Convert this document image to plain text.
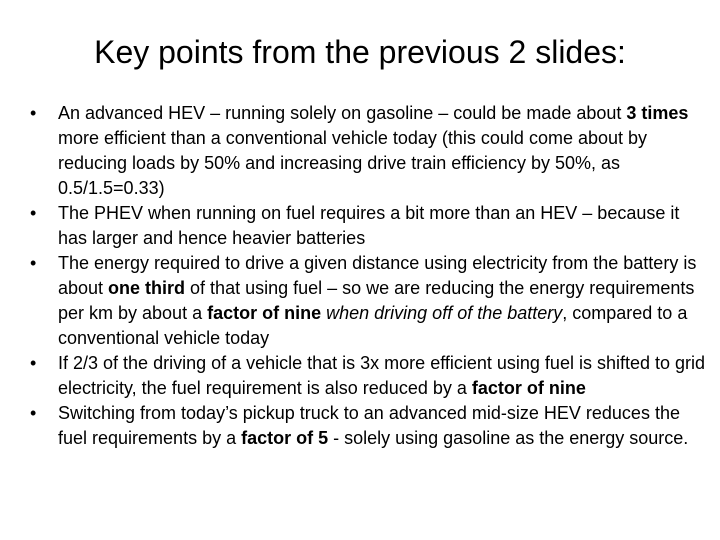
Key points from the previous 2 slides:
•	An advanced HEV – running solely on gasoline – could be made about 3 times more efficient than a conventional vehicle today (this could come about by reducing loads by 50% and increasing drive train efficiency by 50%, as 0.5/1.5=0.33)
•	The PHEV when running on fuel requires a bit more than an HEV – because it has larger and hence heavier batteries
•	The energy required to drive a given distance using electricity from the battery is about one third of that using fuel – so we are reducing the energy requirements per km by about a factor of nine when driving off of the battery, compared to a conventional vehicle today
•	If 2/3 of the driving of a vehicle that is 3x more efficient using fuel is shifted to grid electricity, the fuel requirement is also reduced by a factor of nine
•	Switching from today’s pickup truck to an advanced mid-size HEV reduces the fuel requirements by a factor of 5 - solely using gasoline as the energy source.
